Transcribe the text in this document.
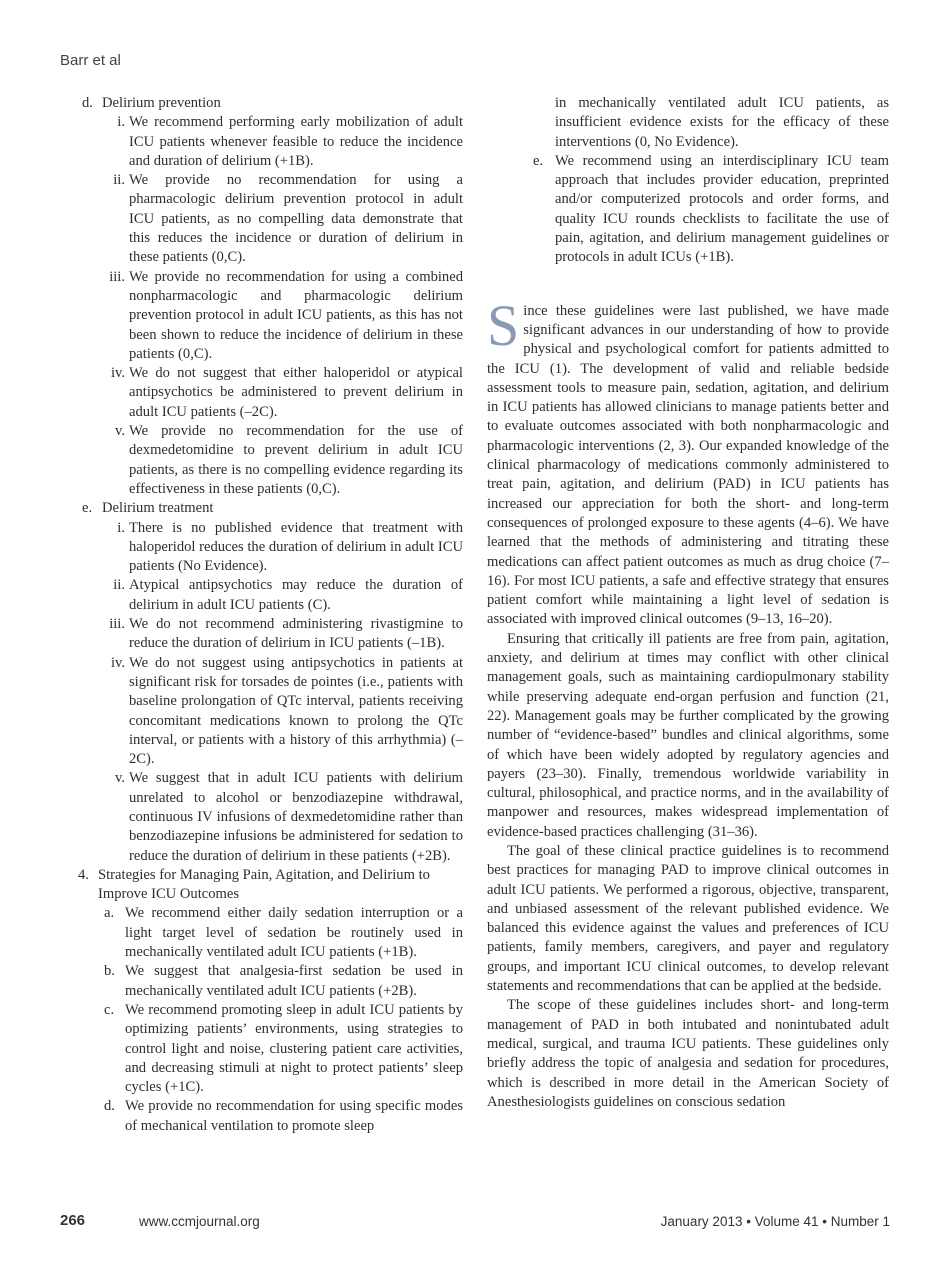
Barr et al
d. Delirium prevention
i. We recommend performing early mobilization of adult ICU patients whenever feasible to reduce the incidence and duration of delirium (+1B).
ii. We provide no recommendation for using a pharmacologic delirium prevention protocol in adult ICU patients, as no compelling data demonstrate that this reduces the incidence or duration of delirium in these patients (0,C).
iii. We provide no recommendation for using a combined nonpharmacologic and pharmacologic delirium prevention protocol in adult ICU patients, as this has not been shown to reduce the incidence of delirium in these patients (0,C).
iv. We do not suggest that either haloperidol or atypical antipsychotics be administered to prevent delirium in adult ICU patients (–2C).
v. We provide no recommendation for the use of dexmedetomidine to prevent delirium in adult ICU patients, as there is no compelling evidence regarding its effectiveness in these patients (0,C).
e. Delirium treatment
i. There is no published evidence that treatment with haloperidol reduces the duration of delirium in adult ICU patients (No Evidence).
ii. Atypical antipsychotics may reduce the duration of delirium in adult ICU patients (C).
iii. We do not recommend administering rivastigmine to reduce the duration of delirium in ICU patients (–1B).
iv. We do not suggest using antipsychotics in patients at significant risk for torsades de pointes (i.e., patients with baseline prolongation of QTc interval, patients receiving concomitant medications known to prolong the QTc interval, or patients with a history of this arrhythmia) (–2C).
v. We suggest that in adult ICU patients with delirium unrelated to alcohol or benzodiazepine withdrawal, continuous IV infusions of dexmedetomidine rather than benzodiazepine infusions be administered for sedation to reduce the duration of delirium in these patients (+2B).
4. Strategies for Managing Pain, Agitation, and Delirium to Improve ICU Outcomes
a. We recommend either daily sedation interruption or a light target level of sedation be routinely used in mechanically ventilated adult ICU patients (+1B).
b. We suggest that analgesia-first sedation be used in mechanically ventilated adult ICU patients (+2B).
c. We recommend promoting sleep in adult ICU patients by optimizing patients’ environments, using strategies to control light and noise, clustering patient care activities, and decreasing stimuli at night to protect patients’ sleep cycles (+1C).
d. We provide no recommendation for using specific modes of mechanical ventilation to promote sleep

in mechanically ventilated adult ICU patients, as insufficient evidence exists for the efficacy of these interventions (0, No Evidence).

e. We recommend using an interdisciplinary ICU team approach that includes provider education, preprinted and/or computerized protocols and order forms, and quality ICU rounds checklists to facilitate the use of pain, agitation, and delirium management guidelines or protocols in adult ICUs (+1B).

Since these guidelines were last published, we have made significant advances in our understanding of how to provide physical and psychological comfort for patients admitted to the ICU (1). The development of valid and reliable bedside assessment tools to measure pain, sedation, agitation, and delirium in ICU patients has allowed clinicians to manage patients better and to evaluate outcomes associated with both nonpharmacologic and pharmacologic interventions (2, 3). Our expanded knowledge of the clinical pharmacology of medications commonly administered to treat pain, agitation, and delirium (PAD) in ICU patients has increased our appreciation for both the short- and long-term consequences of prolonged exposure to these agents (4–6). We have learned that the methods of administering and titrating these medications can affect patient outcomes as much as drug choice (7–16). For most ICU patients, a safe and effective strategy that ensures patient comfort while maintaining a light level of sedation is associated with improved clinical outcomes (9–13, 16–20).

Ensuring that critically ill patients are free from pain, agitation, anxiety, and delirium at times may conflict with other clinical management goals, such as maintaining cardiopulmonary stability while preserving adequate end-organ perfusion and function (21, 22). Management goals may be further complicated by the growing number of “evidence-based” bundles and clinical algorithms, some of which have been widely adopted by regulatory agencies and payers (23–30). Finally, tremendous worldwide variability in cultural, philosophical, and practice norms, and in the availability of manpower and resources, makes widespread implementation of evidence-based practices challenging (31–36).

The goal of these clinical practice guidelines is to recommend best practices for managing PAD to improve clinical outcomes in adult ICU patients. We performed a rigorous, objective, transparent, and unbiased assessment of the relevant published evidence. We balanced this evidence against the values and preferences of ICU patients, family members, caregivers, and payer and regulatory groups, and important ICU clinical outcomes, to develop relevant statements and recommendations that can be applied at the bedside.

The scope of these guidelines includes short- and long-term management of PAD in both intubated and nonintubated adult medical, surgical, and trauma ICU patients. These guidelines only briefly address the topic of analgesia and sedation for procedures, which is described in more detail in the American Society of Anesthesiologists guidelines on conscious sedation

266	www.ccmjournal.org	January 2013 • Volume 41 • Number 1
